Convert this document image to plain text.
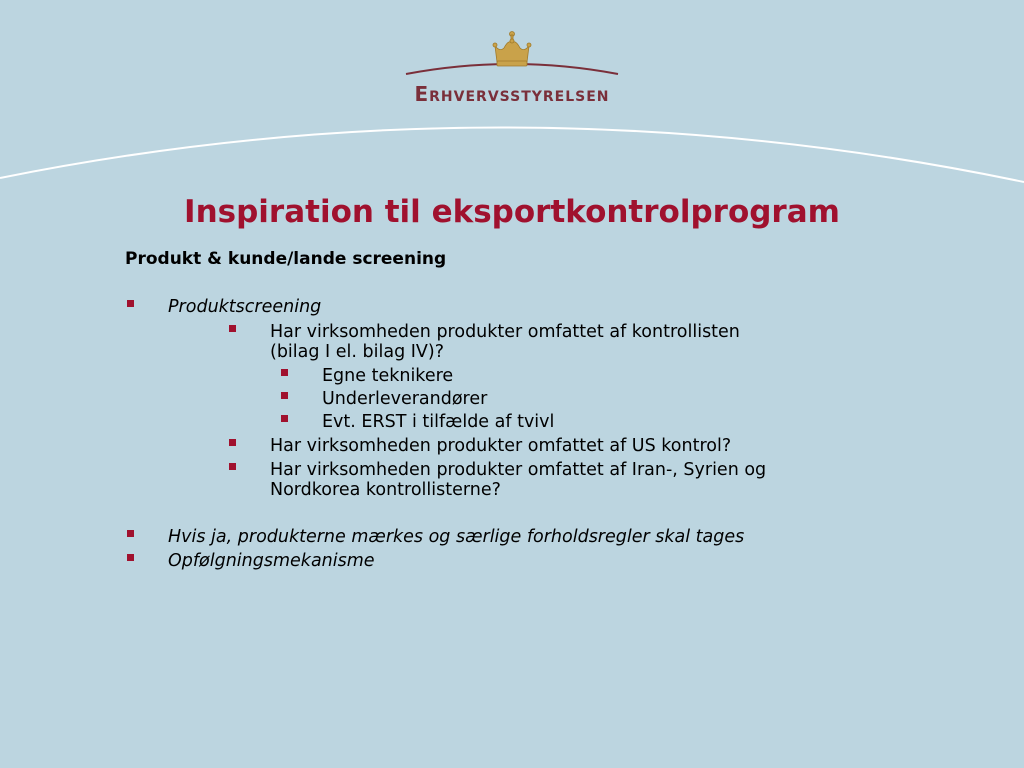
Erhvervsstyrelsen
Inspiration til eksportkontrolprogram

Produkt & kunde/lande screening

Produktscreening
Har virksomheden produkter omfattet af kontrollisten
(bilag I el. bilag IV)?
Egne teknikere
Underleverandører
Evt. ERST i tilfælde af tvivl
Har virksomheden produkter omfattet af US kontrol?
Har virksomheden produkter omfattet af Iran-, Syrien og
Nordkorea kontrollisterne?
Hvis ja, produkterne mærkes og særlige forholdsregler skal tages
Opfølgningsmekanisme
